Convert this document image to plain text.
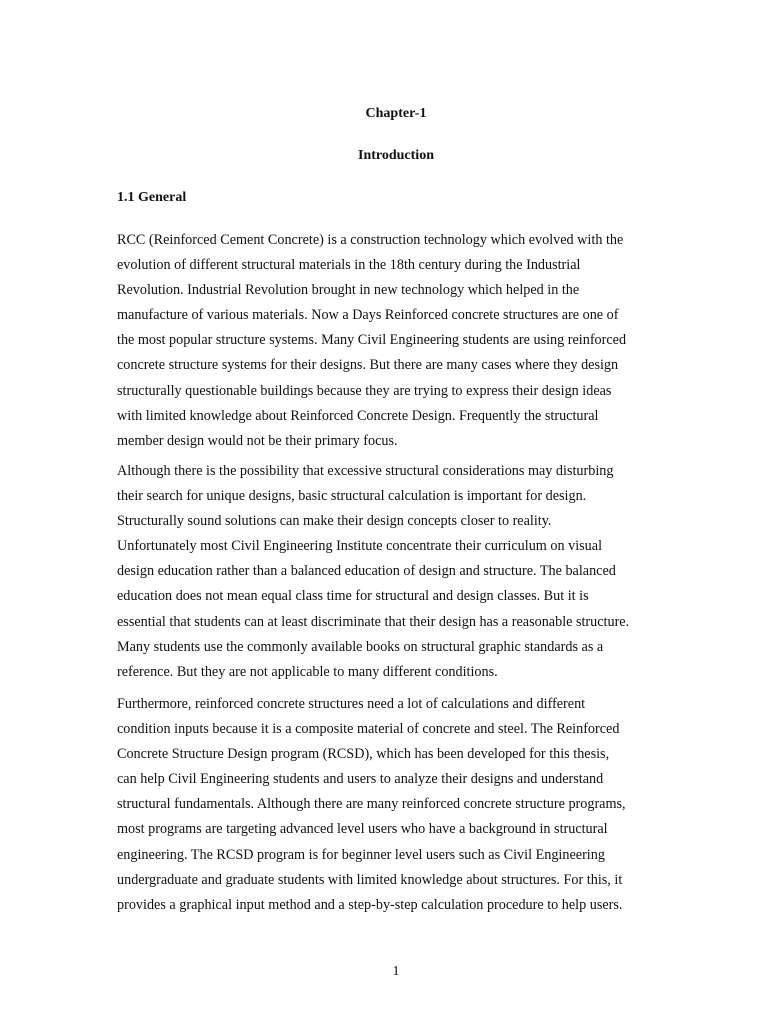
Chapter-1
Introduction
1.1 General
RCC (Reinforced Cement Concrete) is a construction technology which evolved with the
evolution of different structural materials in the 18th century during the Industrial
Revolution. Industrial Revolution brought in new technology which helped in the
manufacture of various materials. Now a Days Reinforced concrete structures are one of
the most popular structure systems. Many Civil Engineering students are using reinforced
concrete structure systems for their designs. But there are many cases where they design
structurally questionable buildings because they are trying to express their design ideas
with limited knowledge about Reinforced Concrete Design. Frequently the structural
member design would not be their primary focus.
Although there is the possibility that excessive structural considerations may disturbing
their search for unique designs, basic structural calculation is important for design.
Structurally sound solutions can make their design concepts closer to reality.
Unfortunately most Civil Engineering Institute concentrate their curriculum on visual
design education rather than a balanced education of design and structure. The balanced
education does not mean equal class time for structural and design classes. But it is
essential that students can at least discriminate that their design has a reasonable structure.
Many students use the commonly available books on structural graphic standards as a
reference. But they are not applicable to many different conditions.
Furthermore, reinforced concrete structures need a lot of calculations and different
condition inputs because it is a composite material of concrete and steel. The Reinforced
Concrete Structure Design program (RCSD), which has been developed for this thesis,
can help Civil Engineering students and users to analyze their designs and understand
structural fundamentals. Although there are many reinforced concrete structure programs,
most programs are targeting advanced level users who have a background in structural
engineering. The RCSD program is for beginner level users such as Civil Engineering
undergraduate and graduate students with limited knowledge about structures. For this, it
provides a graphical input method and a step-by-step calculation procedure to help users.
1
